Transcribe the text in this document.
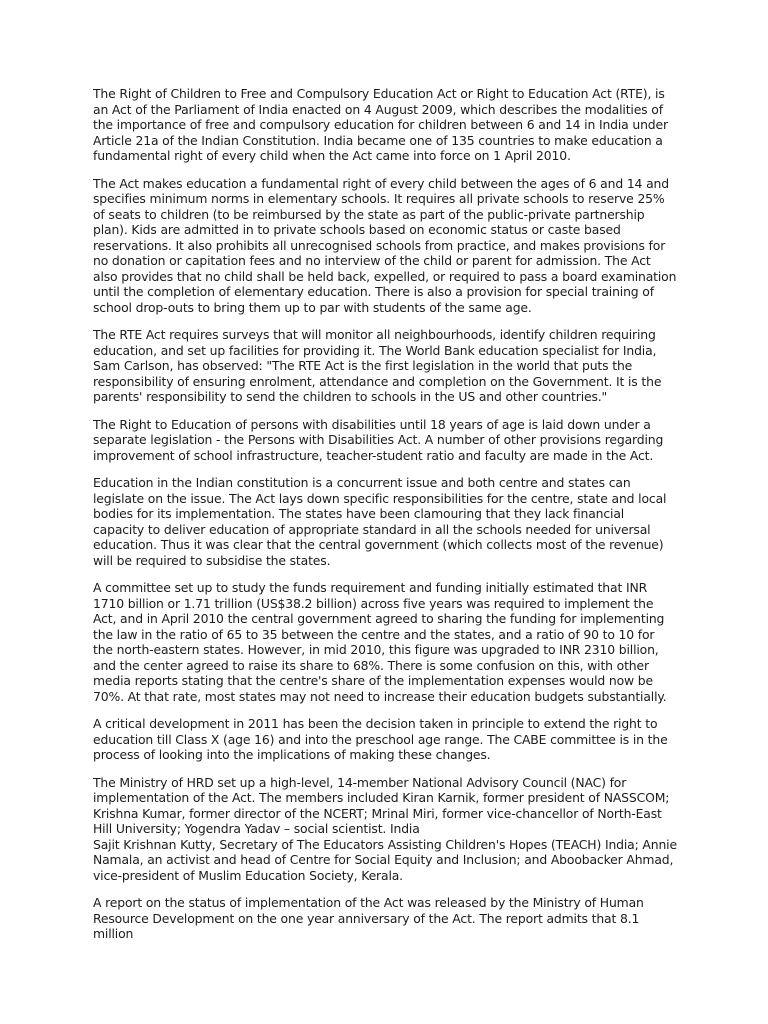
The Right of Children to Free and Compulsory Education Act or Right to Education Act (RTE), is an Act of the Parliament of India enacted on 4 August 2009, which describes the modalities of the importance of free and compulsory education for children between 6 and 14 in India under Article 21a of the Indian Constitution. India became one of 135 countries to make education a fundamental right of every child when the Act came into force on 1 April 2010.

The Act makes education a fundamental right of every child between the ages of 6 and 14 and specifies minimum norms in elementary schools. It requires all private schools to reserve 25% of seats to children (to be reimbursed by the state as part of the public-private partnership plan). Kids are admitted in to private schools based on economic status or caste based reservations. It also prohibits all unrecognised schools from practice, and makes provisions for no donation or capitation fees and no interview of the child or parent for admission. The Act also provides that no child shall be held back, expelled, or required to pass a board examination until the completion of elementary education. There is also a provision for special training of school drop-outs to bring them up to par with students of the same age.

The RTE Act requires surveys that will monitor all neighbourhoods, identify children requiring education, and set up facilities for providing it. The World Bank education specialist for India, Sam Carlson, has observed: "The RTE Act is the first legislation in the world that puts the responsibility of ensuring enrolment, attendance and completion on the Government. It is the parents' responsibility to send the children to schools in the US and other countries."

The Right to Education of persons with disabilities until 18 years of age is laid down under a separate legislation - the Persons with Disabilities Act. A number of other provisions regarding improvement of school infrastructure, teacher-student ratio and faculty are made in the Act.

Education in the Indian constitution is a concurrent issue and both centre and states can legislate on the issue. The Act lays down specific responsibilities for the centre, state and local bodies for its implementation. The states have been clamouring that they lack financial capacity to deliver education of appropriate standard in all the schools needed for universal education. Thus it was clear that the central government (which collects most of the revenue) will be required to subsidise the states.

A committee set up to study the funds requirement and funding initially estimated that INR 1710 billion or 1.71 trillion (US$38.2 billion) across five years was required to implement the Act, and in April 2010 the central government agreed to sharing the funding for implementing the law in the ratio of 65 to 35 between the centre and the states, and a ratio of 90 to 10 for the north-eastern states. However, in mid 2010, this figure was upgraded to INR 2310 billion, and the center agreed to raise its share to 68%. There is some confusion on this, with other media reports stating that the centre's share of the implementation expenses would now be 70%. At that rate, most states may not need to increase their education budgets substantially.

A critical development in 2011 has been the decision taken in principle to extend the right to education till Class X (age 16) and into the preschool age range. The CABE committee is in the process of looking into the implications of making these changes.

The Ministry of HRD set up a high-level, 14-member National Advisory Council (NAC) for implementation of the Act. The members included Kiran Karnik, former president of NASSCOM; Krishna Kumar, former director of the NCERT; Mrinal Miri, former vice-chancellor of North-East Hill University; Yogendra Yadav – social scientist. India
Sajit Krishnan Kutty, Secretary of The Educators Assisting Children's Hopes (TEACH) India; Annie Namala, an activist and head of Centre for Social Equity and Inclusion; and Aboobacker Ahmad, vice-president of Muslim Education Society, Kerala.

A report on the status of implementation of the Act was released by the Ministry of Human Resource Development on the one year anniversary of the Act. The report admits that 8.1 million
